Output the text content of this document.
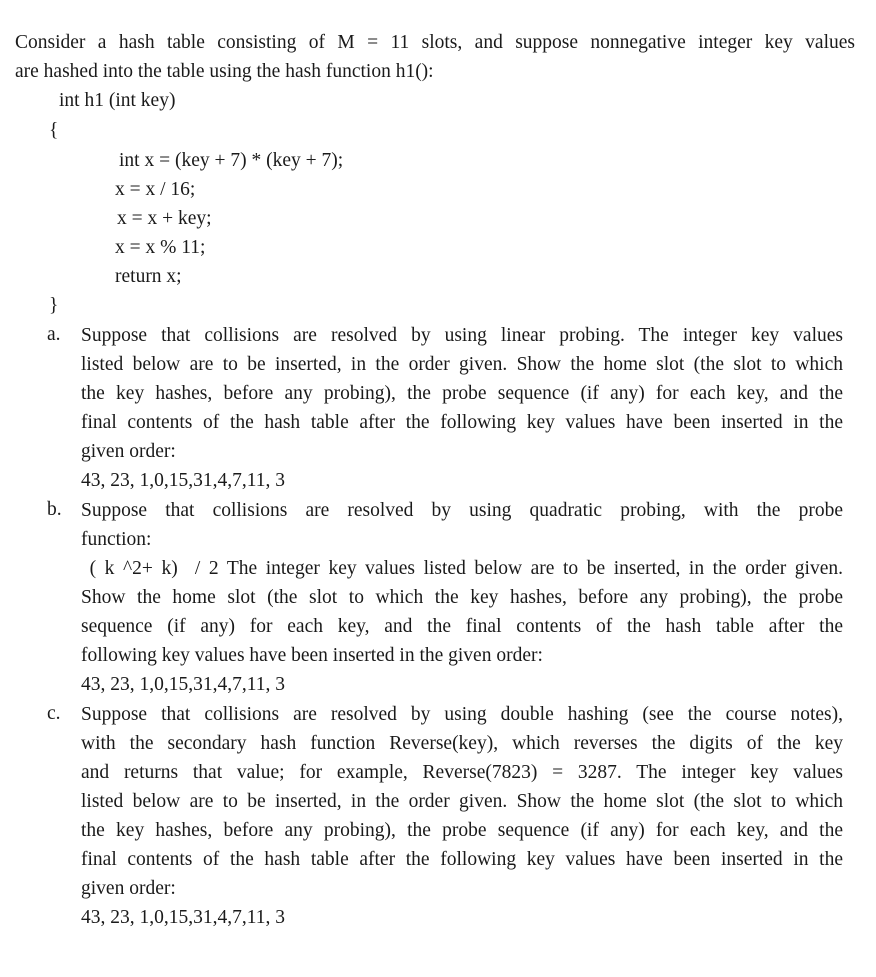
Consider a hash table consisting of M = 11 slots, and suppose nonnegative integer key values
are hashed into the table using the hash function h1():
int h1 (int key)
{
int x = (key + 7) * (key + 7);
x = x / 16;
x = x + key;
x = x % 11;
return x;
}
a. Suppose that collisions are resolved by using linear probing. The integer key values
listed below are to be inserted, in the order given. Show the home slot (the slot to which
the key hashes, before any probing), the probe sequence (if any) for each key, and the
final contents of the hash table after the following key values have been inserted in the
given order:
43, 23, 1,0,15,31,4,7,11, 3
b. Suppose that collisions are resolved by using quadratic probing, with the probe
function:
( k ^2+ k)  / 2 The integer key values listed below are to be inserted, in the order given.
Show the home slot (the slot to which the key hashes, before any probing), the probe
sequence (if any) for each key, and the final contents of the hash table after the
following key values have been inserted in the given order:
43, 23, 1,0,15,31,4,7,11, 3
c. Suppose that collisions are resolved by using double hashing (see the course notes),
with the secondary hash function Reverse(key), which reverses the digits of the key
and returns that value; for example, Reverse(7823) = 3287. The integer key values
listed below are to be inserted, in the order given. Show the home slot (the slot to which
the key hashes, before any probing), the probe sequence (if any) for each key, and the
final contents of the hash table after the following key values have been inserted in the
given order:
43, 23, 1,0,15,31,4,7,11, 3
